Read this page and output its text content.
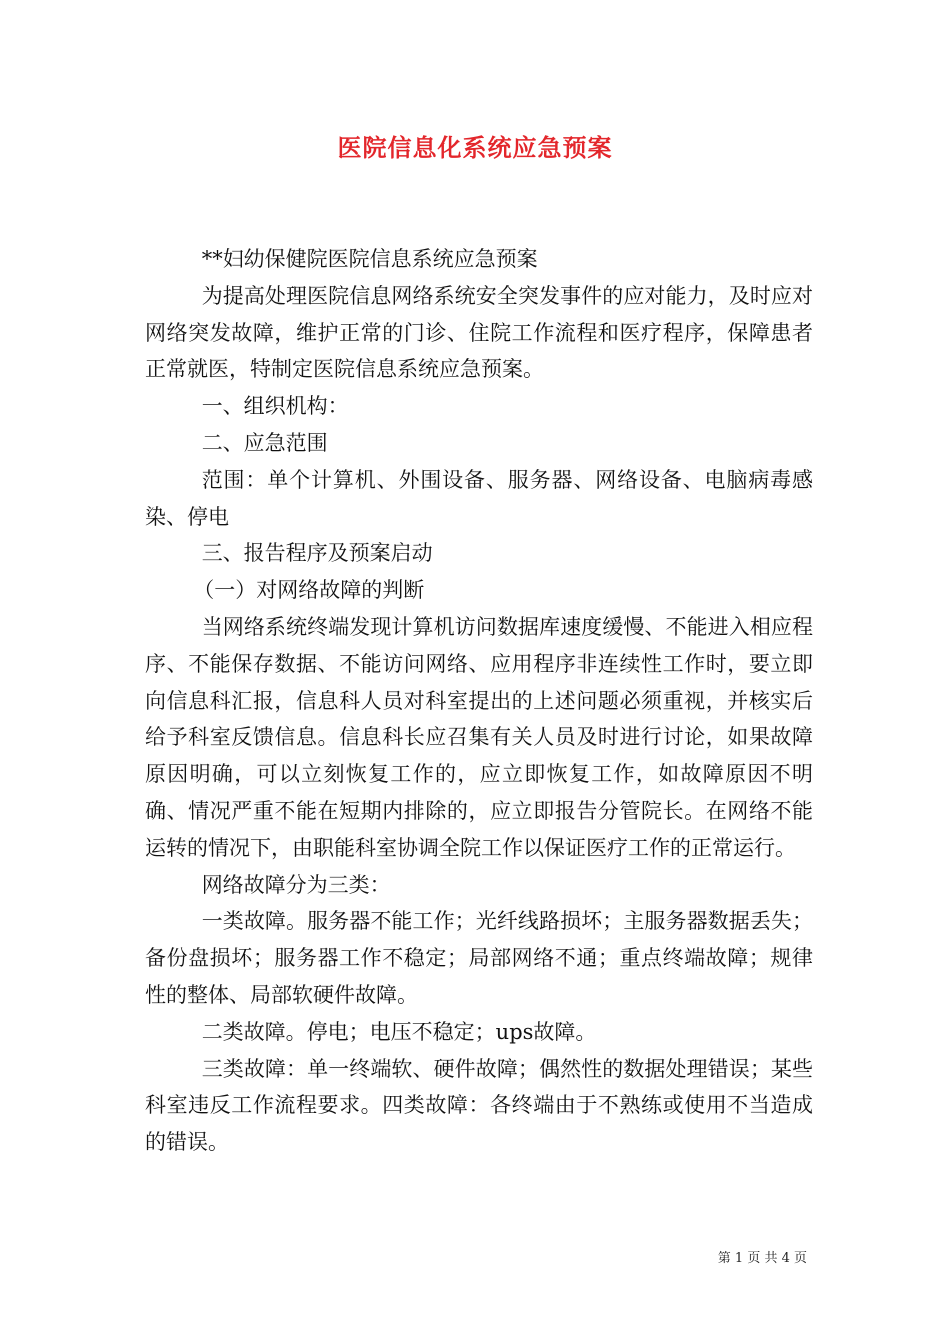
医院信息化系统应急预案

**妇幼保健院医院信息系统应急预案

为提高处理医院信息网络系统安全突发事件的应对能力，及时应对网络突发故障，维护正常的门诊、住院工作流程和医疗程序，保障患者正常就医，特制定医院信息系统应急预案。

一、组织机构：

二、应急范围

范围：单个计算机、外围设备、服务器、网络设备、电脑病毒感染、停电

三、报告程序及预案启动

（一）对网络故障的判断

当网络系统终端发现计算机访问数据库速度缓慢、不能进入相应程序、不能保存数据、不能访问网络、应用程序非连续性工作时，要立即向信息科汇报，信息科人员对科室提出的上述问题必须重视，并核实后给予科室反馈信息。信息科长应召集有关人员及时进行讨论，如果故障原因明确，可以立刻恢复工作的，应立即恢复工作，如故障原因不明确、情况严重不能在短期内排除的，应立即报告分管院长。在网络不能运转的情况下，由职能科室协调全院工作以保证医疗工作的正常运行。

网络故障分为三类：

一类故障。服务器不能工作；光纤线路损坏；主服务器数据丢失；备份盘损坏；服务器工作不稳定；局部网络不通；重点终端故障；规律性的整体、局部软硬件故障。

二类故障。停电；电压不稳定；ups故障。

三类故障：单一终端软、硬件故障；偶然性的数据处理错误；某些科室违反工作流程要求。四类故障：各终端由于不熟练或使用不当造成的错误。

第 1 页 共 4 页
